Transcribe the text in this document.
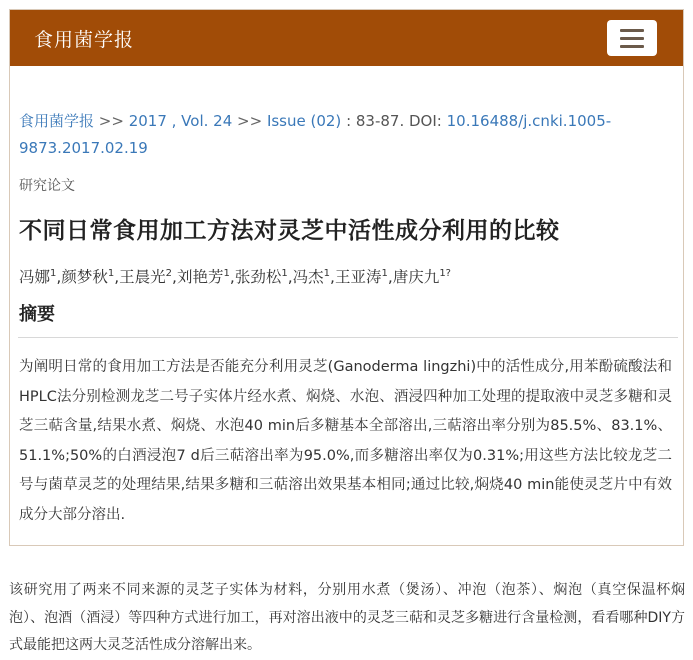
食用菌学报
食用菌学报 >> 2017 , Vol. 24 >> Issue (02) : 83-87. DOI: 10.16488/j.cnki.1005-9873.2017.02.19
研究论文
不同日常食用加工方法对灵芝中活性成分利用的比较
冯娜$^1$,颜梦秋$^1$,王晨光$^2$,刘艳芳$^1$,张劲松$^1$,冯杰$^1$,王亚涛$^1$,唐庆九$^{1?}$
摘要
为阐明日常的食用加工方法是否能充分利用灵芝(Ganoderma lingzhi)中的活性成分,用苯酚硫酸法和HPLC法分别检测龙芝二号子实体片经水煮、焖烧、水泡、酒浸四种加工处理的提取液中灵芝多糖和灵芝三萜含量,结果水煮、焖烧、水泡40 min后多糖基本全部溶出,三萜溶出率分别为85.5%、83.1%、51.1%;50%的白酒浸泡7 d后三萜溶出率为95.0%,而多糖溶出率仅为0.31%;用这些方法比较龙芝二号与菌草灵芝的处理结果,结果多糖和三萜溶出效果基本相同;通过比较,焖烧40 min能使灵芝片中有效成分大部分溶出.
该研究用了两来不同来源的灵芝子实体为材料，分别用水煮（煲汤）、冲泡（泡茶）、焖泡（真空保温杯焖泡）、泡酒（酒浸）等四种方式进行加工，再对溶出液中的灵芝三萜和灵芝多糖进行含量检测，看看哪种DIY方式最能把这两大灵芝活性成分溶解出来。
